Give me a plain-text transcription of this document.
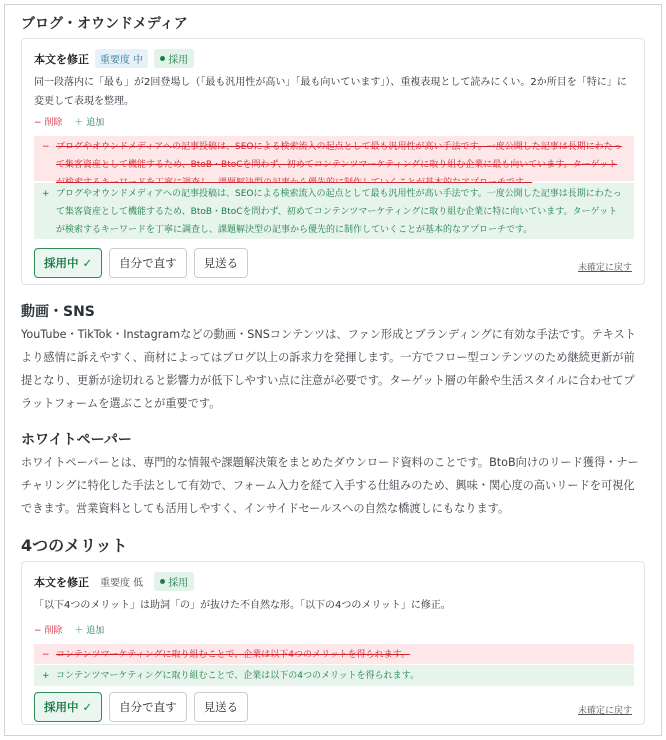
ブログ・オウンドメディア
本文を修正	重要度 中	採用
同一段落内に「最も」が2回登場し（「最も汎用性が高い」「最も向いています」）、重複表現として読みにくい。2か所目を「特に」に変更して表現を整理。
− 削除 ＋ 追加
− ブログやオウンドメディアへの記事投稿は、SEOによる検索流入の起点として最も汎用性が高い手法です。一度公開した記事は長期にわたって集客資産として機能するため、BtoB・BtoCを問わず、初めてコンテンツマーケティングに取り組む企業に最も向いています。ターゲット
+ ブログやオウンドメディアへの記事投稿は、SEOによる検索流入の起点として最も汎用性が高い手法です。一度公開した記事は長期にわたって集客資産として機能するため、BtoB・BtoCを問わず、初めてコンテンツマーケティングに取り組む企業に特に向いています。ターゲットが検索するキーワードを丁寧に調査し、課題解決型の記事から優先的に制作していくことが基本的なアプローチです。
採用中 ✓	自分で直す	見送る	未確定に戻す
動画・SNS
YouTube・TikTok・Instagramなどの動画・SNSコンテンツは、ファン形成とブランディングに有効な手法です。テキストより感情に訴えやすく、商材によってはブログ以上の訴求力を発揮します。一方でフロー型コンテンツのため継続更新が前提となり、更新が途切れると影響力が低下しやすい点に注意が必要です。ターゲット層の年齢や生活スタイルに合わせてプラットフォームを選ぶことが重要です。
ホワイトペーパー
ホワイトペーパーとは、専門的な情報や課題解決策をまとめたダウンロード資料のことです。BtoB向けのリード獲得・ナーチャリングに特化した手法として有効で、フォーム入力を経て入手する仕組みのため、興味・関心度の高いリードを可視化できます。営業資料としても活用しやすく、インサイドセールスへの自然な橋渡しにもなります。
4つのメリット
本文を修正	重要度 低	採用
「以下4つのメリット」は助詞「の」が抜けた不自然な形。「以下の4つのメリット」に修正。
− 削除 ＋ 追加
− コンテンツマーケティングに取り組むことで、企業は以下4つのメリットを得られます。
+ コンテンツマーケティングに取り組むことで、企業は以下の4つのメリットを得られます。
採用中 ✓	自分で直す	見送る	未確定に戻す
